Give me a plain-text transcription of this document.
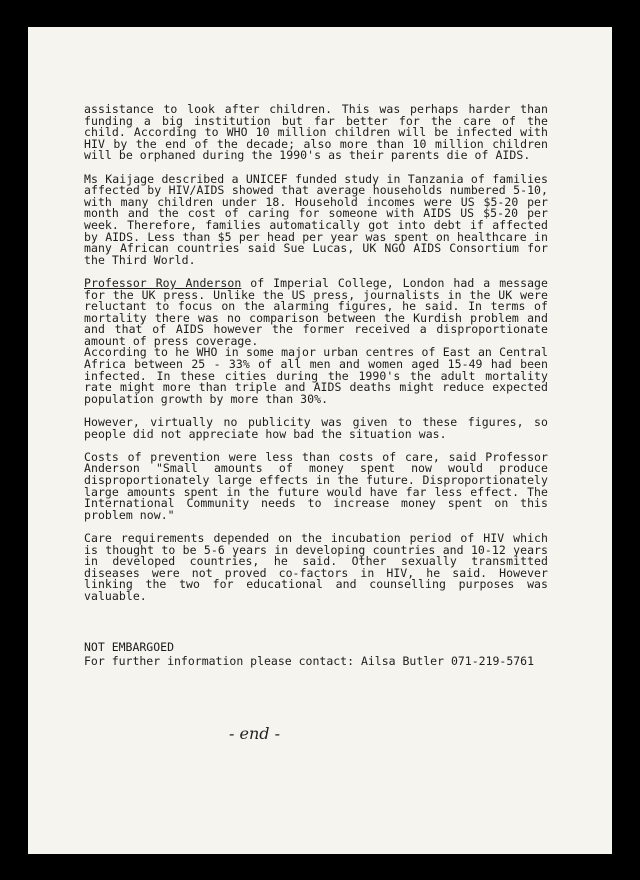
assistance to look after children. This was perhaps harder than funding a big institution but far better for the care of the child. According to WHO 10 million children will be infected with HIV by the end of the decade; also more than 10 million children will be orphaned during the 1990's as their parents die of AIDS.

Ms Kaijage described a UNICEF funded study in Tanzania of families affected by HIV/AIDS showed that average households numbered 5-10, with many children under 18. Household incomes were US $5-20 per month and the cost of caring for someone with AIDS US $5-20 per week. Therefore, families automatically got into debt if affected by AIDS. Less than $5 per head per year was spent on healthcare in many African countries said Sue Lucas, UK NGO AIDS Consortium for the Third World.

Professor Roy Anderson of Imperial College, London had a message for the UK press. Unlike the US press, journalists in the UK were reluctant to focus on the alarming figures, he said. In terms of mortality there was no comparison between the Kurdish problem and and that of AIDS however the former received a disproportionate amount of press coverage.

According to he WHO in some major urban centres of East an Central Africa between 25 - 33% of all men and women aged 15-49 had been infected. In these cities during the 1990's the adult mortality rate might more than triple and AIDS deaths might reduce expected population growth by more than 30%.

However, virtually no publicity was given to these figures, so people did not appreciate how bad the situation was.

Costs of prevention were less than costs of care, said Professor Anderson "Small amounts of money spent now would produce disproportionately large effects in the future. Disproportionately large amounts spent in the future would have far less effect. The International Community needs to increase money spent on this problem now."

Care requirements depended on the incubation period of HIV which is thought to be 5-6 years in developing countries and 10-12 years in developed countries, he said. Other sexually transmitted diseases were not proved co-factors in HIV, he said. However linking the two for educational and counselling purposes was valuable.

NOT EMBARGOED
For further information please contact: Ailsa Butler 071-219-5761
- end -
